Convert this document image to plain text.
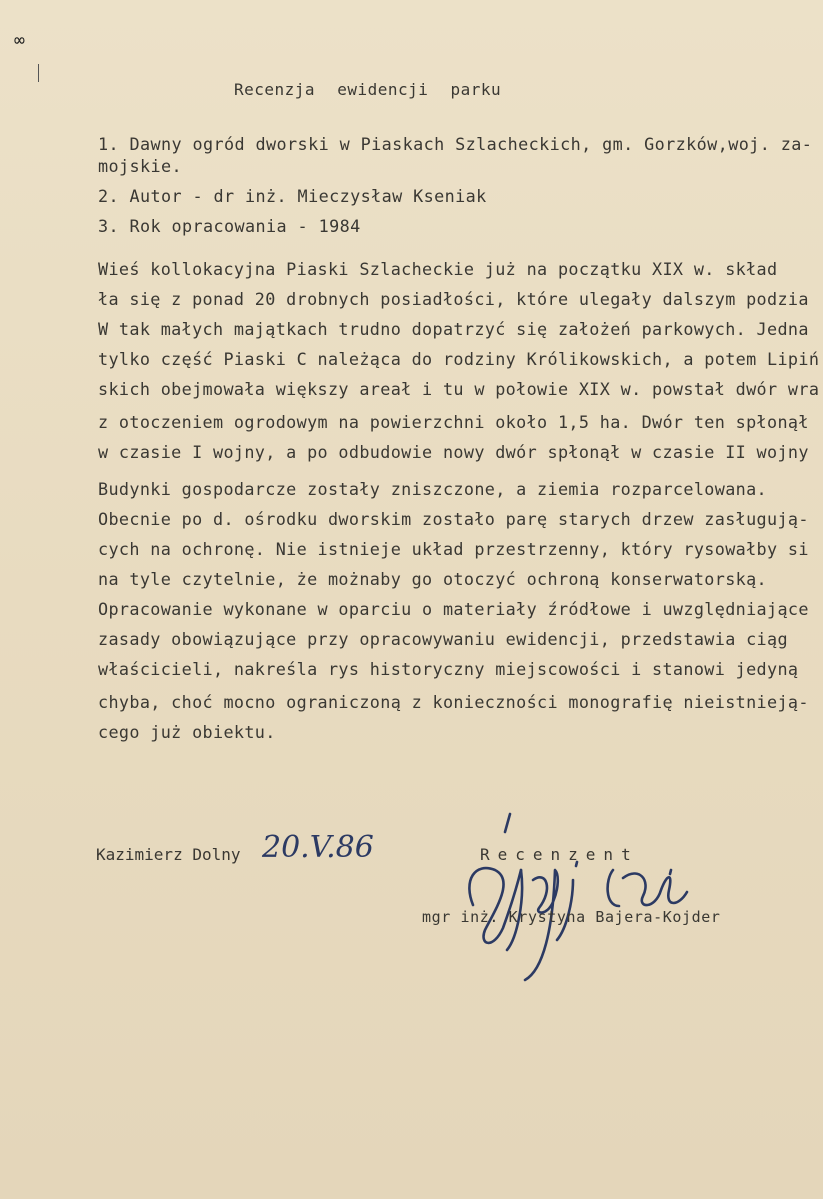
∞
Recenzja ewidencji parku
1. Dawny ogród dworski w Piaskach Szlacheckich, gm. Gorzków,woj. za-
mojskie.
2. Autor - dr inż. Mieczysław Kseniak
3. Rok opracowania - 1984
Wieś kollokacyjna Piaski Szlacheckie już na początku XIX w. skład
ła się z ponad 20 drobnych posiadłości, które ulegały dalszym podzia
W tak małych majątkach trudno dopatrzyć się założeń parkowych. Jedna
tylko część Piaski C należąca do rodziny Królikowskich, a potem Lipiń
skich obejmowała większy areał i tu w połowie XIX w. powstał dwór wra
z otoczeniem ogrodowym na powierzchni około 1,5 ha. Dwór ten spłonął
w czasie I wojny, a po odbudowie nowy dwór spłonął w czasie II wojny
Budynki gospodarcze zostały zniszczone, a ziemia rozparcelowana.
Obecnie po d. ośrodku dworskim zostało parę starych drzew zasługują-
cych na ochronę. Nie istnieje układ przestrzenny, który rysowałby si
na tyle czytelnie, że możnaby go otoczyć ochroną konserwatorską.
Opracowanie wykonane w oparciu o materiały źródłowe i uwzględniające
zasady obowiązujące przy opracowywaniu ewidencji, przedstawia ciąg
właścicieli, nakreśla rys historyczny miejscowości i stanowi jedyną
chyba, choć mocno ograniczoną z konieczności monografię nieistnieją-
cego już obiektu.
Kazimierz Dolny 20.V.86	Recenzent
mgr inż. Krystyna Bajera-Kojder
